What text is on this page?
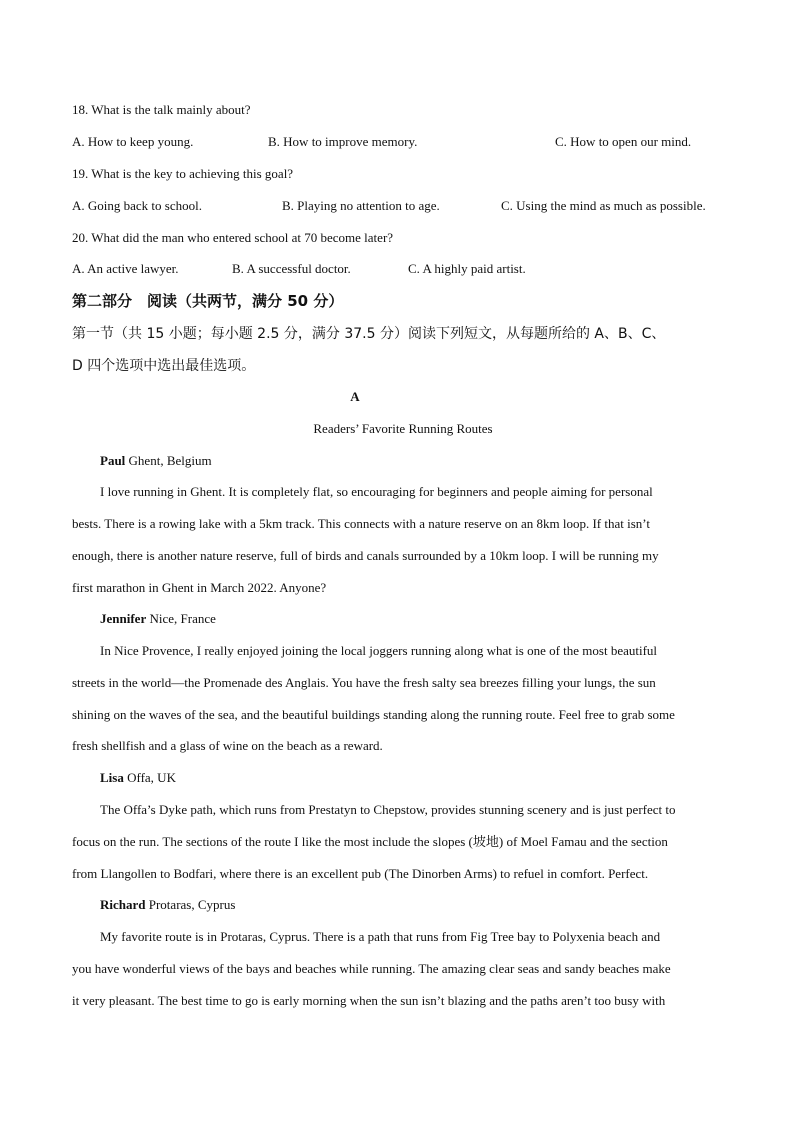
18. What is the talk mainly about?
A. How to keep young.	B. How to improve memory.	C. How to open our mind.
19. What is the key to achieving this goal?
A. Going back to school.	B. Playing no attention to age.	C. Using the mind as much as possible.
20. What did the man who entered school at 70 become later?
A. An active lawyer.	B. A successful doctor.	C. A highly paid artist.
第二部分　阅读（共两节，满分 50 分）
第一节（共 15 小题；每小题 2.5 分，满分 37.5 分）阅读下列短文，从每题所给的 A、B、C、
D 四个选项中选出最佳选项。
A
Readers’ Favorite Running Routes
Paul Ghent, Belgium
I love running in Ghent. It is completely flat, so encouraging for beginners and people aiming for personal
bests. There is a rowing lake with a 5km track. This connects with a nature reserve on an 8km loop. If that isn’t
enough, there is another nature reserve, full of birds and canals surrounded by a 10km loop. I will be running my
first marathon in Ghent in March 2022. Anyone?
Jennifer Nice, France
In Nice Provence, I really enjoyed joining the local joggers running along what is one of the most beautiful
streets in the world—the Promenade des Anglais. You have the fresh salty sea breezes filling your lungs, the sun
shining on the waves of the sea, and the beautiful buildings standing along the running route. Feel free to grab some
fresh shellfish and a glass of wine on the beach as a reward.
Lisa Offa, UK
The Offa’s Dyke path, which runs from Prestatyn to Chepstow, provides stunning scenery and is just perfect to
focus on the run. The sections of the route I like the most include the slopes (坡地) of Moel Famau and the section
from Llangollen to Bodfari, where there is an excellent pub (The Dinorben Arms) to refuel in comfort. Perfect.
Richard Protaras, Cyprus
My favorite route is in Protaras, Cyprus. There is a path that runs from Fig Tree bay to Polyxenia beach and
you have wonderful views of the bays and beaches while running. The amazing clear seas and sandy beaches make
it very pleasant. The best time to go is early morning when the sun isn’t blazing and the paths aren’t too busy with
